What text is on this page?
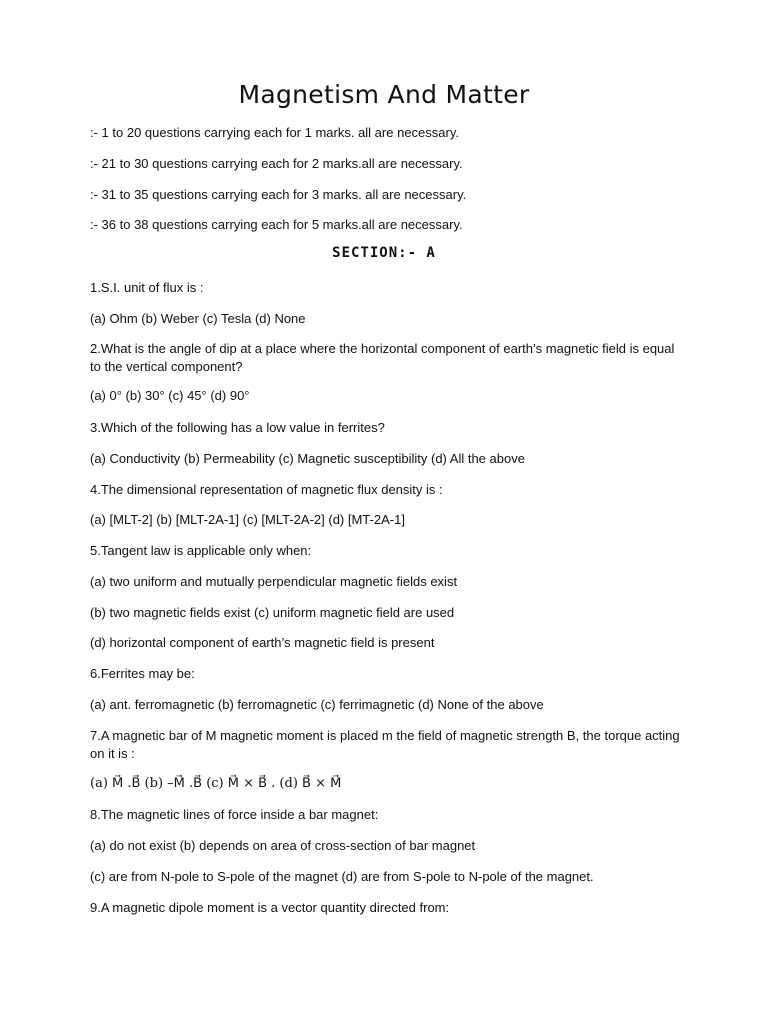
Magnetism And Matter
:- 1 to 20 questions carrying each for 1 marks. all are necessary.
:- 21 to 30 questions carrying each for 2 marks.all are necessary.
:- 31 to 35 questions carrying each for 3 marks. all are necessary.
:- 36 to 38 questions carrying each for 5 marks.all are necessary.
SECTION:- A
1.S.I. unit of flux is :
(a) Ohm (b) Weber (c) Tesla (d) None
2.What is the angle of dip at a place where the horizontal component of earth’s magnetic field is equal to the vertical component?
(a) 0° (b) 30° (c) 45° (d) 90°
3.Which of the following has a low value in ferrites?
(a) Conductivity (b) Permeability (c) Magnetic susceptibility (d) All the above
4.The dimensional representation of magnetic flux density is :
(a) [MLT-2] (b) [MLT-2A-1] (c) [MLT-2A-2] (d) [MT-2A-1]
5.Tangent law is applicable only when:
(a) two uniform and mutually perpendicular magnetic fields exist
(b) two magnetic fields exist (c) uniform magnetic field are used
(d) horizontal component of earth’s magnetic field is present
6.Ferrites may be:
(a) ant. ferromagnetic (b) ferromagnetic (c) ferrimagnetic (d) None of the above
7.A magnetic bar of M magnetic moment is placed m the field of magnetic strength B, the torque acting on it is :
(a) M⃗ .B⃗ (b) –M⃗ .B⃗ (c) M⃗ × B⃗ . (d) B⃗ × M⃗
8.The magnetic lines of force inside a bar magnet:
(a) do not exist (b) depends on area of cross-section of bar magnet
(c) are from N-pole to S-pole of the magnet (d) are from S-pole to N-pole of the magnet.
9.A magnetic dipole moment is a vector quantity directed from:
